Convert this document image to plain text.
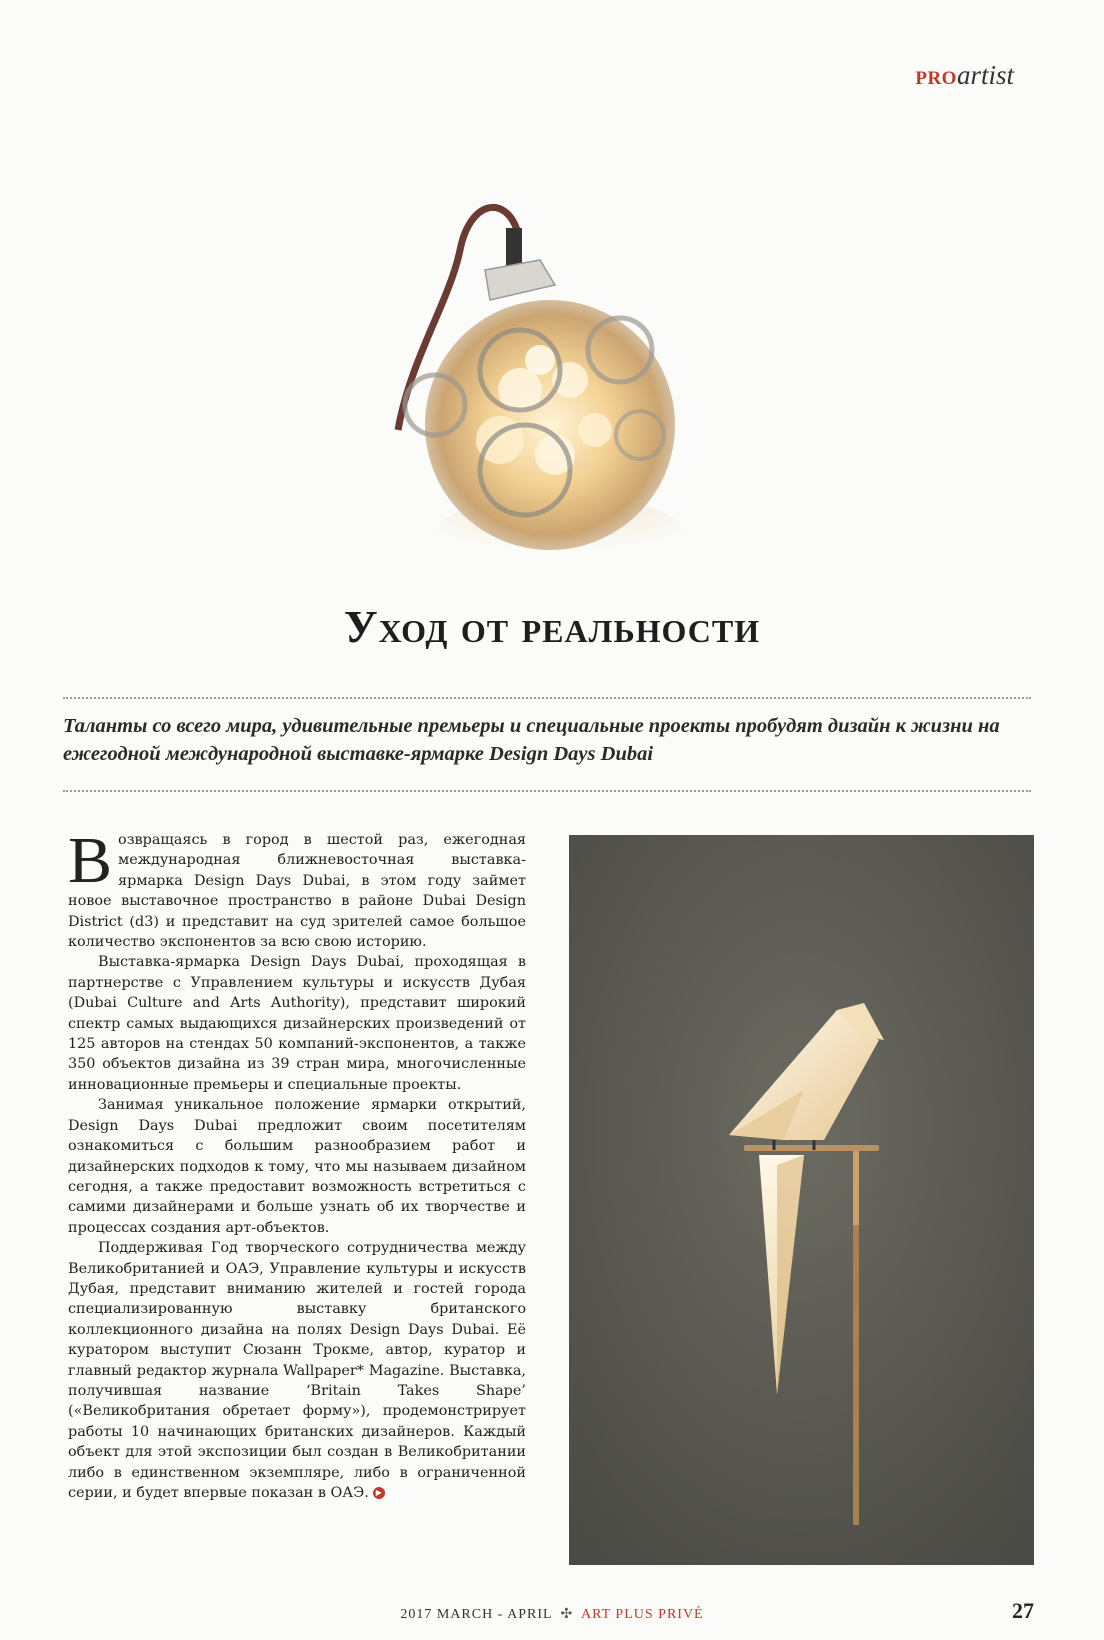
PROartist
Уход от реальности

Таланты со всего мира, удивительные премьеры и специальные проекты пробудят дизайн к жизни на ежегодной международной выставке-ярмарке Design Days Dubai

Возвращаясь в город в шестой раз, ежегодная международная ближневосточная выставка-ярмарка Design Days Dubai, в этом году займет новое выставочное пространство в районе Dubai Design District (d3) и представит на суд зрителей самое большое количество экспонентов за всю свою историю.

Выставка-ярмарка Design Days Dubai, проходящая в партнерстве с Управлением культуры и искусств Дубая (Dubai Culture and Arts Authority), представит широкий спектр самых выдающихся дизайнерских произведений от 125 авторов на стендах 50 компаний-экспонентов, а также 350 объектов дизайна из 39 стран мира, многочисленные инновационные премьеры и специальные проекты.

Занимая уникальное положение ярмарки открытий, Design Days Dubai предложит своим посетителям ознакомиться с большим разнообразием работ и дизайнерских подходов к тому, что мы называем дизайном сегодня, а также предоставит возможность встретиться с самими дизайнерами и больше узнать об их творчестве и процессах создания арт-объектов.

Поддерживая Год творческого сотрудничества между Великобританией и ОАЭ, Управление культуры и искусств Дубая, представит вниманию жителей и гостей города специализированную выставку британского коллекционного дизайна на полях Design Days Dubai. Её куратором выступит Сюзанн Трокме, автор, куратор и главный редактор журнала Wallpaper* Magazine. Выставка, получившая название ‘Britain Takes Shape’ («Великобритания обретает форму»), продемонстрирует работы 10 начинающих британских дизайнеров. Каждый объект для этой экспозиции был создан в Великобритании либо в единственном экземпляре, либо в ограниченной серии, и будет впервые показан в ОАЭ. ▶

2017 MARCH - APRIL ✣ ART PLUS PRIVÉ	27
